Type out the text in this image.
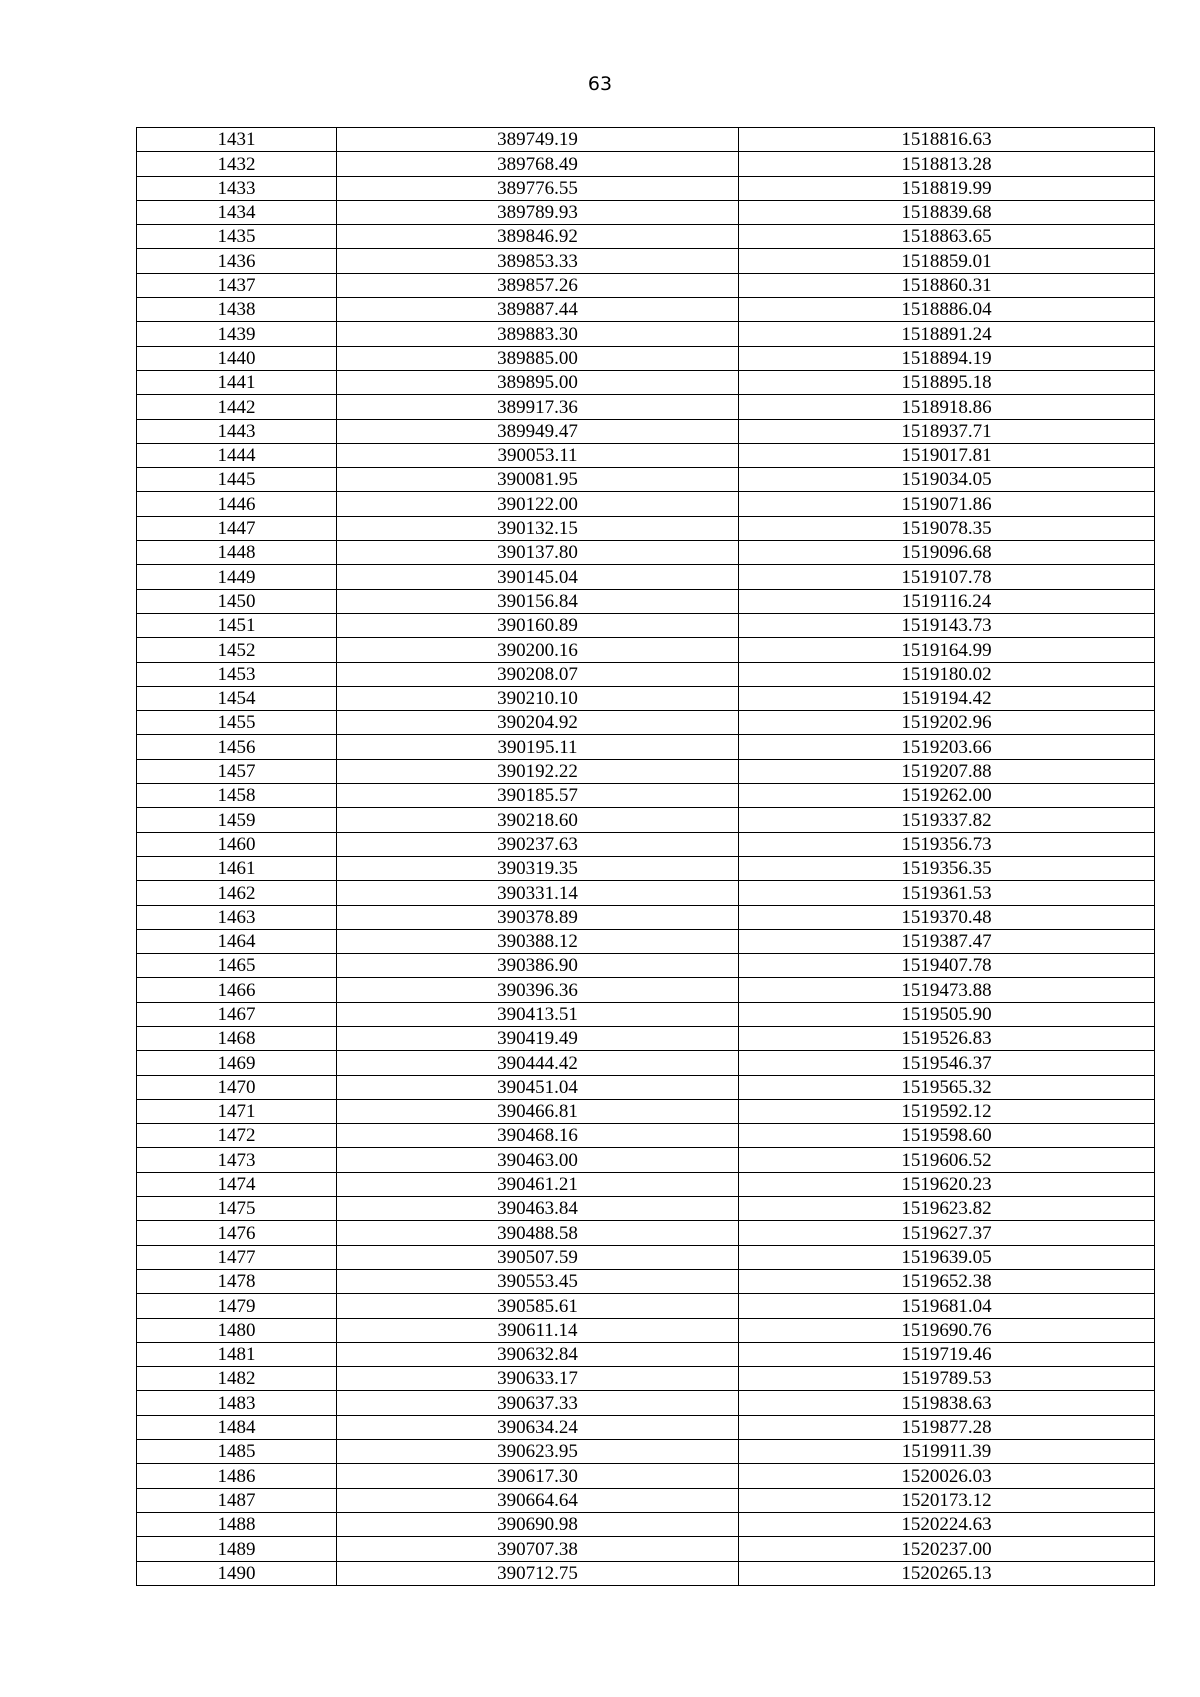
63
1431	389749.19	1518816.63
1432	389768.49	1518813.28
1433	389776.55	1518819.99
1434	389789.93	1518839.68
1435	389846.92	1518863.65
1436	389853.33	1518859.01
1437	389857.26	1518860.31
1438	389887.44	1518886.04
1439	389883.30	1518891.24
1440	389885.00	1518894.19
1441	389895.00	1518895.18
1442	389917.36	1518918.86
1443	389949.47	1518937.71
1444	390053.11	1519017.81
1445	390081.95	1519034.05
1446	390122.00	1519071.86
1447	390132.15	1519078.35
1448	390137.80	1519096.68
1449	390145.04	1519107.78
1450	390156.84	1519116.24
1451	390160.89	1519143.73
1452	390200.16	1519164.99
1453	390208.07	1519180.02
1454	390210.10	1519194.42
1455	390204.92	1519202.96
1456	390195.11	1519203.66
1457	390192.22	1519207.88
1458	390185.57	1519262.00
1459	390218.60	1519337.82
1460	390237.63	1519356.73
1461	390319.35	1519356.35
1462	390331.14	1519361.53
1463	390378.89	1519370.48
1464	390388.12	1519387.47
1465	390386.90	1519407.78
1466	390396.36	1519473.88
1467	390413.51	1519505.90
1468	390419.49	1519526.83
1469	390444.42	1519546.37
1470	390451.04	1519565.32
1471	390466.81	1519592.12
1472	390468.16	1519598.60
1473	390463.00	1519606.52
1474	390461.21	1519620.23
1475	390463.84	1519623.82
1476	390488.58	1519627.37
1477	390507.59	1519639.05
1478	390553.45	1519652.38
1479	390585.61	1519681.04
1480	390611.14	1519690.76
1481	390632.84	1519719.46
1482	390633.17	1519789.53
1483	390637.33	1519838.63
1484	390634.24	1519877.28
1485	390623.95	1519911.39
1486	390617.30	1520026.03
1487	390664.64	1520173.12
1488	390690.98	1520224.63
1489	390707.38	1520237.00
1490	390712.75	1520265.13
